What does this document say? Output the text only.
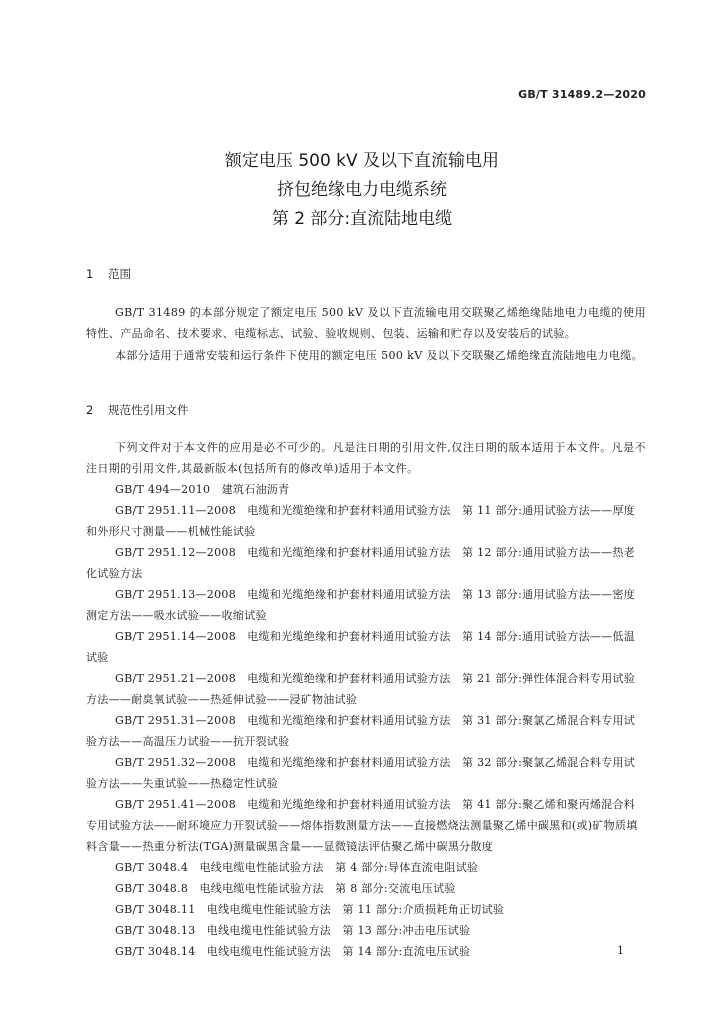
GB/T 31489.2—2020
额定电压 500 kV 及以下直流输电用
挤包绝缘电力电缆系统
第 2 部分:直流陆地电缆
1 范围
GB/T 31489 的本部分规定了额定电压 500 kV 及以下直流输电用交联聚乙烯绝缘陆地电力电缆的使用特性、产品命名、技术要求、电缆标志、试验、验收规则、包装、运输和贮存以及安装后的试验。
本部分适用于通常安装和运行条件下使用的额定电压 500 kV 及以下交联聚乙烯绝缘直流陆地电力电缆。
2 规范性引用文件
下列文件对于本文件的应用是必不可少的。凡是注日期的引用文件,仅注日期的版本适用于本文件。凡是不注日期的引用文件,其最新版本(包括所有的修改单)适用于本文件。
GB/T 494—2010　建筑石油沥青
GB/T 2951.11—2008　电缆和光缆绝缘和护套材料通用试验方法　第 11 部分:通用试验方法——厚度和外形尺寸测量——机械性能试验
GB/T 2951.12—2008　电缆和光缆绝缘和护套材料通用试验方法　第 12 部分:通用试验方法——热老化试验方法
GB/T 2951.13—2008　电缆和光缆绝缘和护套材料通用试验方法　第 13 部分:通用试验方法——密度测定方法——吸水试验——收缩试验
GB/T 2951.14—2008　电缆和光缆绝缘和护套材料通用试验方法　第 14 部分:通用试验方法——低温试验
GB/T 2951.21—2008　电缆和光缆绝缘和护套材料通用试验方法　第 21 部分:弹性体混合料专用试验方法——耐臭氧试验——热延伸试验——浸矿物油试验
GB/T 2951.31—2008　电缆和光缆绝缘和护套材料通用试验方法　第 31 部分:聚氯乙烯混合料专用试验方法——高温压力试验——抗开裂试验
GB/T 2951.32—2008　电缆和光缆绝缘和护套材料通用试验方法　第 32 部分:聚氯乙烯混合料专用试验方法——失重试验——热稳定性试验
GB/T 2951.41—2008　电缆和光缆绝缘和护套材料通用试验方法　第 41 部分:聚乙烯和聚丙烯混合料专用试验方法——耐环境应力开裂试验——熔体指数测量方法——直接燃烧法测量聚乙烯中碳黑和(或)矿物质填料含量——热重分析法(TGA)测量碳黑含量——显微镜法评估聚乙烯中碳黑分散度
GB/T 3048.4　电线电缆电性能试验方法　第 4 部分:导体直流电阻试验
GB/T 3048.8　电线电缆电性能试验方法　第 8 部分:交流电压试验
GB/T 3048.11　电线电缆电性能试验方法　第 11 部分:介质损耗角正切试验
GB/T 3048.13　电线电缆电性能试验方法　第 13 部分:冲击电压试验
GB/T 3048.14　电线电缆电性能试验方法　第 14 部分:直流电压试验	1
